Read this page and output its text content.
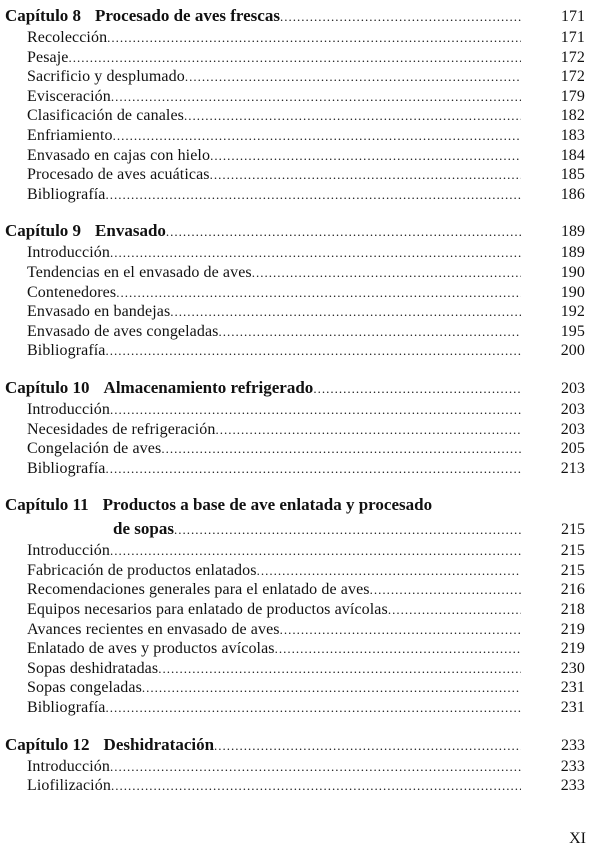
Capítulo 8 Procesado de aves frescas .....	171
Recolección .....	171
Pesaje .....	172
Sacrificio y desplumado .....	172
Evisceración .....	179
Clasificación de canales .....	182
Enfriamiento .....	183
Envasado en cajas con hielo .....	184
Procesado de aves acuáticas .....	185
Bibliografía .....	186
Capítulo 9 Envasado .....	189
Introducción .....	189
Tendencias en el envasado de aves .....	190
Contenedores .....	190
Envasado en bandejas .....	192
Envasado de aves congeladas .....	195
Bibliografía .....	200
Capítulo 10 Almacenamiento refrigerado .....	203
Introducción .....	203
Necesidades de refrigeración .....	203
Congelación de aves .....	205
Bibliografía .....	213
Capítulo 11 Productos a base de ave enlatada y procesado
de sopas .....	215
Introducción .....	215
Fabricación de productos enlatados .....	215
Recomendaciones generales para el enlatado de aves .....	216
Equipos necesarios para enlatado de productos avícolas .....	218
Avances recientes en envasado de aves .....	219
Enlatado de aves y productos avícolas .....	219
Sopas deshidratadas .....	230
Sopas congeladas .....	231
Bibliografía .....	231
Capítulo 12 Deshidratación .....	233
Introducción .....	233
Liofilización .....	233
XI
